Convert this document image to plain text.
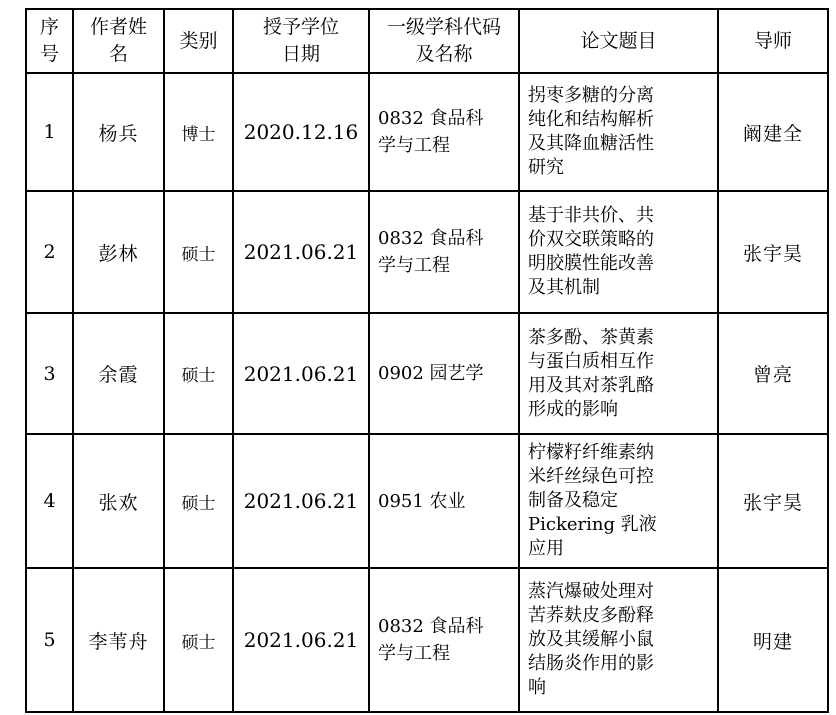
序号	作者姓名	类别	授予学位日期	一级学科代码及名称	论文题目	导师
1	杨兵	博士	2020.12.16	0832 食品科学与工程	拐枣多糖的分离纯化和结构解析及其降血糖活性研究	阚建全
2	彭林	硕士	2021.06.21	0832 食品科学与工程	基于非共价、共价双交联策略的明胶膜性能改善及其机制	张宇昊
3	余霞	硕士	2021.06.21	0902 园艺学	茶多酚、茶黄素与蛋白质相互作用及其对茶乳酪形成的影响	曾亮
4	张欢	硕士	2021.06.21	0951 农业	柠檬籽纤维素纳米纤丝绿色可控制备及稳定Pickering 乳液应用	张宇昊
5	李苇舟	硕士	2021.06.21	0832 食品科学与工程	蒸汽爆破处理对苦荞麸皮多酚释放及其缓解小鼠结肠炎作用的影响	明建
